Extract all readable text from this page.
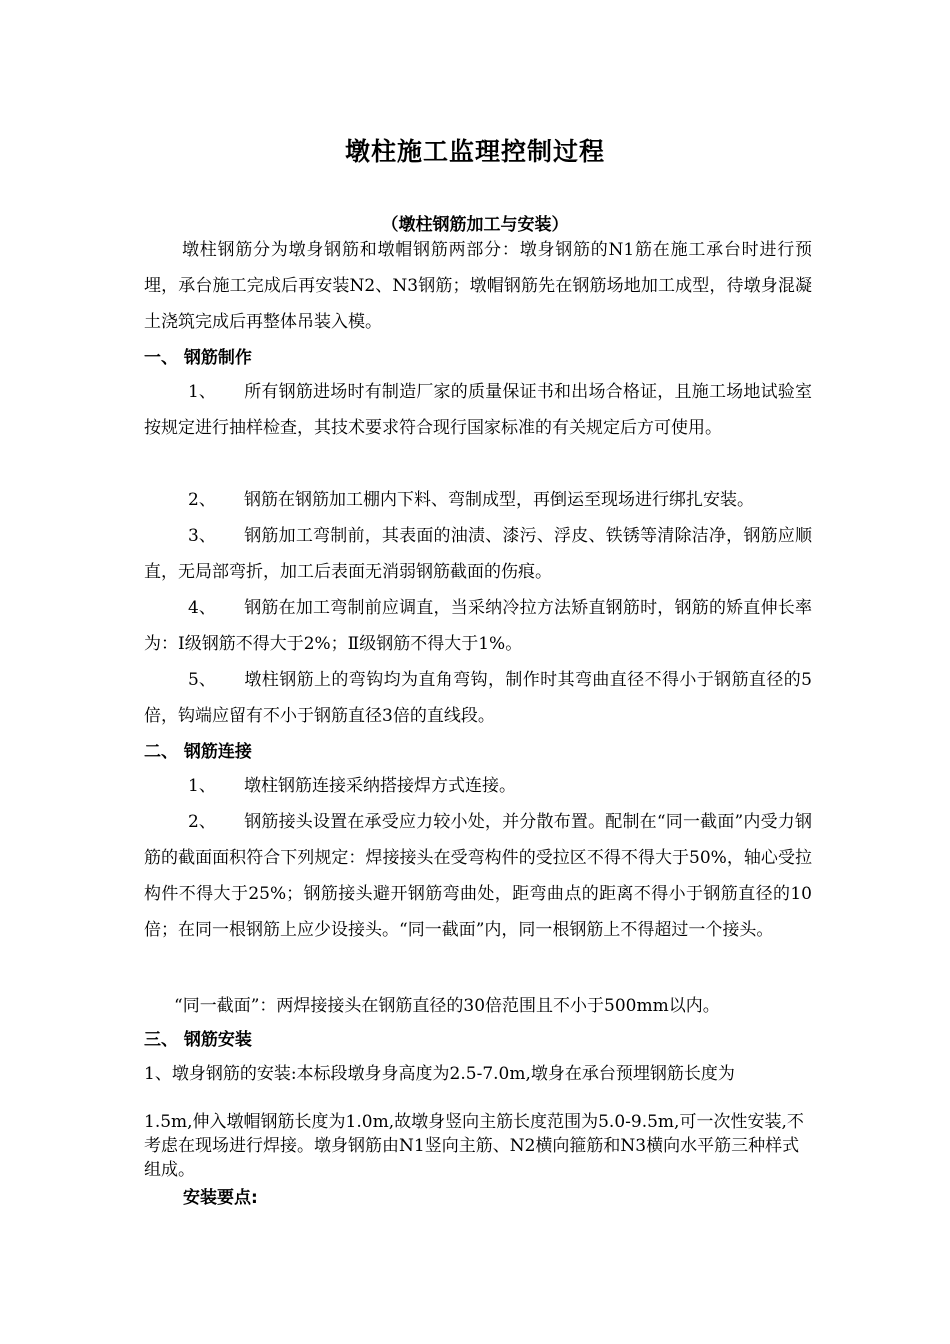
墩柱施工监理控制过程
（墩柱钢筋加工与安装）
墩柱钢筋分为墩身钢筋和墩帽钢筋两部分：墩身钢筋的N1筋在施工承台时进行预埋，承台施工完成后再安装N2、N3钢筋；墩帽钢筋先在钢筋场地加工成型，待墩身混凝土浇筑完成后再整体吊装入模。
一、 钢筋制作
1、 所有钢筋进场时有制造厂家的质量保证书和出场合格证，且施工场地试验室按规定进行抽样检查，其技术要求符合现行国家标准的有关规定后方可使用。
2、 钢筋在钢筋加工棚内下料、弯制成型，再倒运至现场进行绑扎安装。
3、 钢筋加工弯制前，其表面的油渍、漆污、浮皮、铁锈等清除洁净，钢筋应顺直，无局部弯折，加工后表面无消弱钢筋截面的伤痕。
4、 钢筋在加工弯制前应调直，当采纳冷拉方法矫直钢筋时，钢筋的矫直伸长率为：Ⅰ级钢筋不得大于2%；Ⅱ级钢筋不得大于1%。
5、 墩柱钢筋上的弯钩均为直角弯钩，制作时其弯曲直径不得小于钢筋直径的5倍，钩端应留有不小于钢筋直径3倍的直线段。
二、 钢筋连接
1、 墩柱钢筋连接采纳搭接焊方式连接。
2、 钢筋接头设置在承受应力较小处，并分散布置。配制在“同一截面”内受力钢筋的截面面积符合下列规定：焊接接头在受弯构件的受拉区不得不得大于50%，轴心受拉构件不得大于25%；钢筋接头避开钢筋弯曲处，距弯曲点的距离不得小于钢筋直径的10倍；在同一根钢筋上应少设接头。“同一截面”内，同一根钢筋上不得超过一个接头。
“同一截面”：两焊接接头在钢筋直径的30倍范围且不小于500mm以内。
三、 钢筋安装
1、墩身钢筋的安装:本标段墩身身高度为2.5-7.0m,墩身在承台预埋钢筋长度为
1.5m,伸入墩帽钢筋长度为1.0m,故墩身竖向主筋长度范围为5.0-9.5m,可一次性安装,不考虑在现场进行焊接。墩身钢筋由N1竖向主筋、N2横向箍筋和N3横向水平筋三种样式组成。
安装要点:
